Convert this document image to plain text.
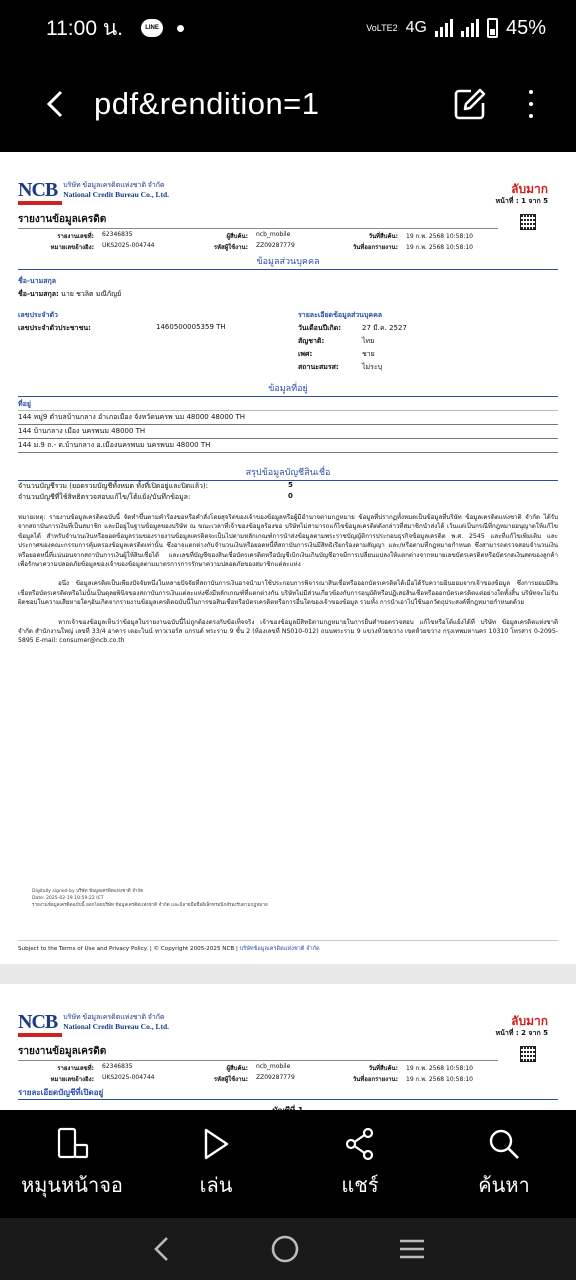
11:00 น.	LINE	VoLTE2 4G	45%
pdf&rendition=1
NCB บริษัท ข้อมูลเครดิตแห่งชาติ จำกัด
National Credit Bureau Co., Ltd.	ลับมาก
หน้าที่ : 1 จาก 5
รายงานข้อมูลเครดิต
รายงานเลขที่:	62346835	ผู้สืบค้น:	ncb_mobile	วันที่สืบค้น:	19 ก.พ. 2568 10:58:10
หมายเลขอ้างอิง:	UKS2025-004744	รหัสผู้ใช้งาน:	ZZ09287779	วันที่ออกรายงาน:	19 ก.พ. 2568 10:58:10
ข้อมูลส่วนบุคคล
ชื่อ-นามสกุล
ชื่อ-นามสกุล: นาย ชวลิต มณีกัญย์
เลขประจำตัว
เลขประจำตัวประชาชน:	1460500005359 TH
รายละเอียดข้อมูลส่วนบุคคล
วันเดือนปีเกิด:	27 มี.ค. 2527
สัญชาติ:	ไทย
เพศ:	ชาย
สถานะสมรส:	ไม่ระบุ
ข้อมูลที่อยู่
ที่อยู่
144 หมู่9 ตำบลบ้านกลาง อำเภอเมือง จังหวัดนครพ นม 48000 48000 TH
144 บ้านกลาง เมือง นครพนม 48000 TH
144 ม.9 ถ.- ต.บ้านกลาง อ.เมืองนครพนม นครพนม 48000 TH
สรุปข้อมูลบัญชีสินเชื่อ
จำนวนบัญชีรวม (ยอดรวมบัญชีทั้งหมด ทั้งที่เปิดอยู่และปิดแล้ว):	5
จำนวนบัญชีที่ใช้สิทธิตรวจสอบแก้ไข/โต้แย้ง/บันทึกข้อมูล:	0

หมายเหตุ: รายงานข้อมูลเครดิตฉบับนี้ จัดทำขึ้นตามคำร้องขอหรือคำสั่งโดยสุจริตของเจ้าของข้อมูลหรือผู้มีอำนาจตามกฎหมาย ข้อมูลที่ปรากฏทั้งหมดเป็นข้อมูลที่บริษัท ข้อมูลเครดิตแห่งชาติ จำกัด ได้รับจากสถาบันการเงินที่เป็นสมาชิก และมีอยู่ในฐานข้อมูลของบริษัท ณ ขณะเวลาที่เจ้าของข้อมูลร้องขอ บริษัทไม่สามารถแก้ไขข้อมูลเครดิตดังกล่าวที่สมาชิกนำส่งได้ เว้นแต่เป็นกรณีที่กฎหมายอนุญาตให้แก้ไขข้อมูลได้ สำหรับจำนวนเงินหรือยอดข้อมูลรวมของรายงานข้อมูลเครดิตจะเป็นไปตามหลักเกณฑ์การนำส่งข้อมูลตามพระราชบัญญัติการประกอบธุรกิจข้อมูลเครดิต พ.ศ. 2545 และที่แก้ไขเพิ่มเติม และประกาศของคณะกรรมการคุ้มครองข้อมูลเครดิตเท่านั้น ซึ่งอาจแตกต่างกับจำนวนเงินหรือยอดหนี้ที่สถาบันการเงินมีสิทธิเรียกร้องตามสัญญา และ/หรือตามที่กฎหมายกำหนด ซึ่งสามารถตรวจสอบจำนวนเงินหรือยอดหนี้ที่แน่นอนจากสถาบันการเงินผู้ให้สินเชื่อได้ และเลขที่บัญชีของสินเชื่อบัตรเครดิตหรือบัญชีเบิกเงินเกินบัญชีอาจมีการเปลี่ยนแปลงให้แตกต่างจากหมายเลขบัตรเครดิตหรือบัตรกดเงินสดของลูกค้า เพื่อรักษาความปลอดภัยข้อมูลของเจ้าของข้อมูลตามมาตรการการรักษาความปลอดภัยของสมาชิกแต่ละแห่ง

อนึ่ง ข้อมูลเครดิตเป็นเพียงปัจจัยหนึ่งในหลายปัจจัยที่สถาบันการเงินอาจนำมาใช้ประกอบการพิจารณาสินเชื่อหรือออกบัตรเครดิตได้เมื่อได้รับความยินยอมจากเจ้าของข้อมูล ซึ่งการยอมมีสินเชื่อหรือบัตรเครดิตหรือไม่นั้นเป็นดุลยพินิจของสถาบันการเงินแต่ละแห่งซึ่งมีหลักเกณฑ์ที่แตกต่างกัน บริษัทไม่มีส่วนเกี่ยวข้องกับการอนุมัติหรือปฏิเสธสินเชื่อหรือออกบัตรเครดิตแต่อย่างใดทั้งสิ้น บริษัทจะไม่รับผิดชอบในความเสียหายใดๆอันเกิดจากรายงานข้อมูลเครดิตฉบับนี้ในการขอสินเชื่อหรือบัตรเครดิตหรือการอื่นใดของเจ้าของข้อมูล รวมทั้ง การนำเอาไปใช้นอกวัตถุประสงค์ที่กฎหมายกำหนดด้วย

หากเจ้าของข้อมูลเห็นว่าข้อมูลในรายงานฉบับนี้ไม่ถูกต้องตรงกับข้อเท็จจริง เจ้าของข้อมูลมีสิทธิตามกฎหมายในการยื่นคำขอตรวจสอบ แก้ไขหรือโต้แย้งได้ที่ บริษัท ข้อมูลเครดิตแห่งชาติ จำกัด สำนักงานใหญ่ เลขที่ 33/4 อาคาร เดอะไนน์ ทาวเวอร์ส แกรนด์ พระราม 9 ชั้น 2 (ห้องเลขที่ NS010-012) ถนนพระราม 9 แขวงห้วยขวาง เขตห้วยขวาง กรุงเทพมหานคร 10310 โทรสาร 0-2095-5895 E-mail: consumer@ncb.co.th

Digitally signed by บริษัท ข้อมูลเครดิตแห่งชาติ จำกัด
Date: 2025-02-19 10:59:22 ICT
รายงานข้อมูลเครดิตฉบับนี้ ออกโดยบริษัท ข้อมูลเครดิตแห่งชาติ จำกัด และมีลายมือชื่ออิเล็กทรอนิกส์รองรับตามกฎหมาย
Subject to the Terms of Use and Privacy Policy. | © Copyright 2005-2025 NCB | บริษัทข้อมูลเครดิตแห่งชาติ จำกัด
NCB บริษัท ข้อมูลเครดิตแห่งชาติ จำกัด
National Credit Bureau Co., Ltd.	ลับมาก
หน้าที่ : 2 จาก 5
รายงานข้อมูลเครดิต
รายงานเลขที่:	62346835	ผู้สืบค้น:	ncb_mobile	วันที่สืบค้น:	19 ก.พ. 2568 10:58:10
หมายเลขอ้างอิง:	UKS2025-004744	รหัสผู้ใช้งาน:	ZZ09287779	วันที่ออกรายงาน:	19 ก.พ. 2568 10:58:10
รายละเอียดบัญชีที่เปิดอยู่
หมุนหน้าจอ	เล่น	แชร์	ค้นหา
